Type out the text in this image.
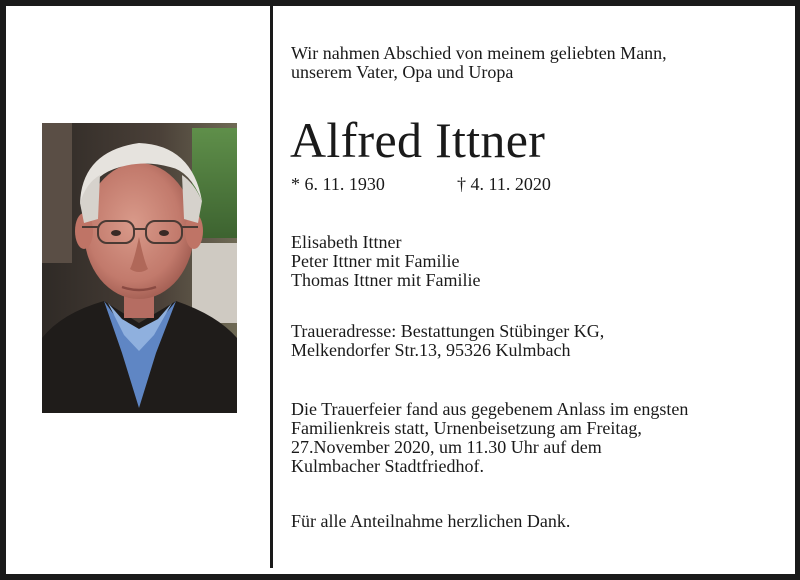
Wir nahmen Abschied von meinem geliebten Mann,
unserem Vater, Opa und Uropa

Alfred Ittner
* 6. 11. 1930	† 4. 11. 2020

Elisabeth Ittner
Peter Ittner mit Familie
Thomas Ittner mit Familie

Traueradresse: Bestattungen Stübinger KG,
Melkendorfer Str.13, 95326 Kulmbach

Die Trauerfeier fand aus gegebenem Anlass im engsten
Familienkreis statt, Urnenbeisetzung am Freitag,
27.November 2020, um 11.30 Uhr auf dem
Kulmbacher Stadtfriedhof.

Für alle Anteilnahme herzlichen Dank.
